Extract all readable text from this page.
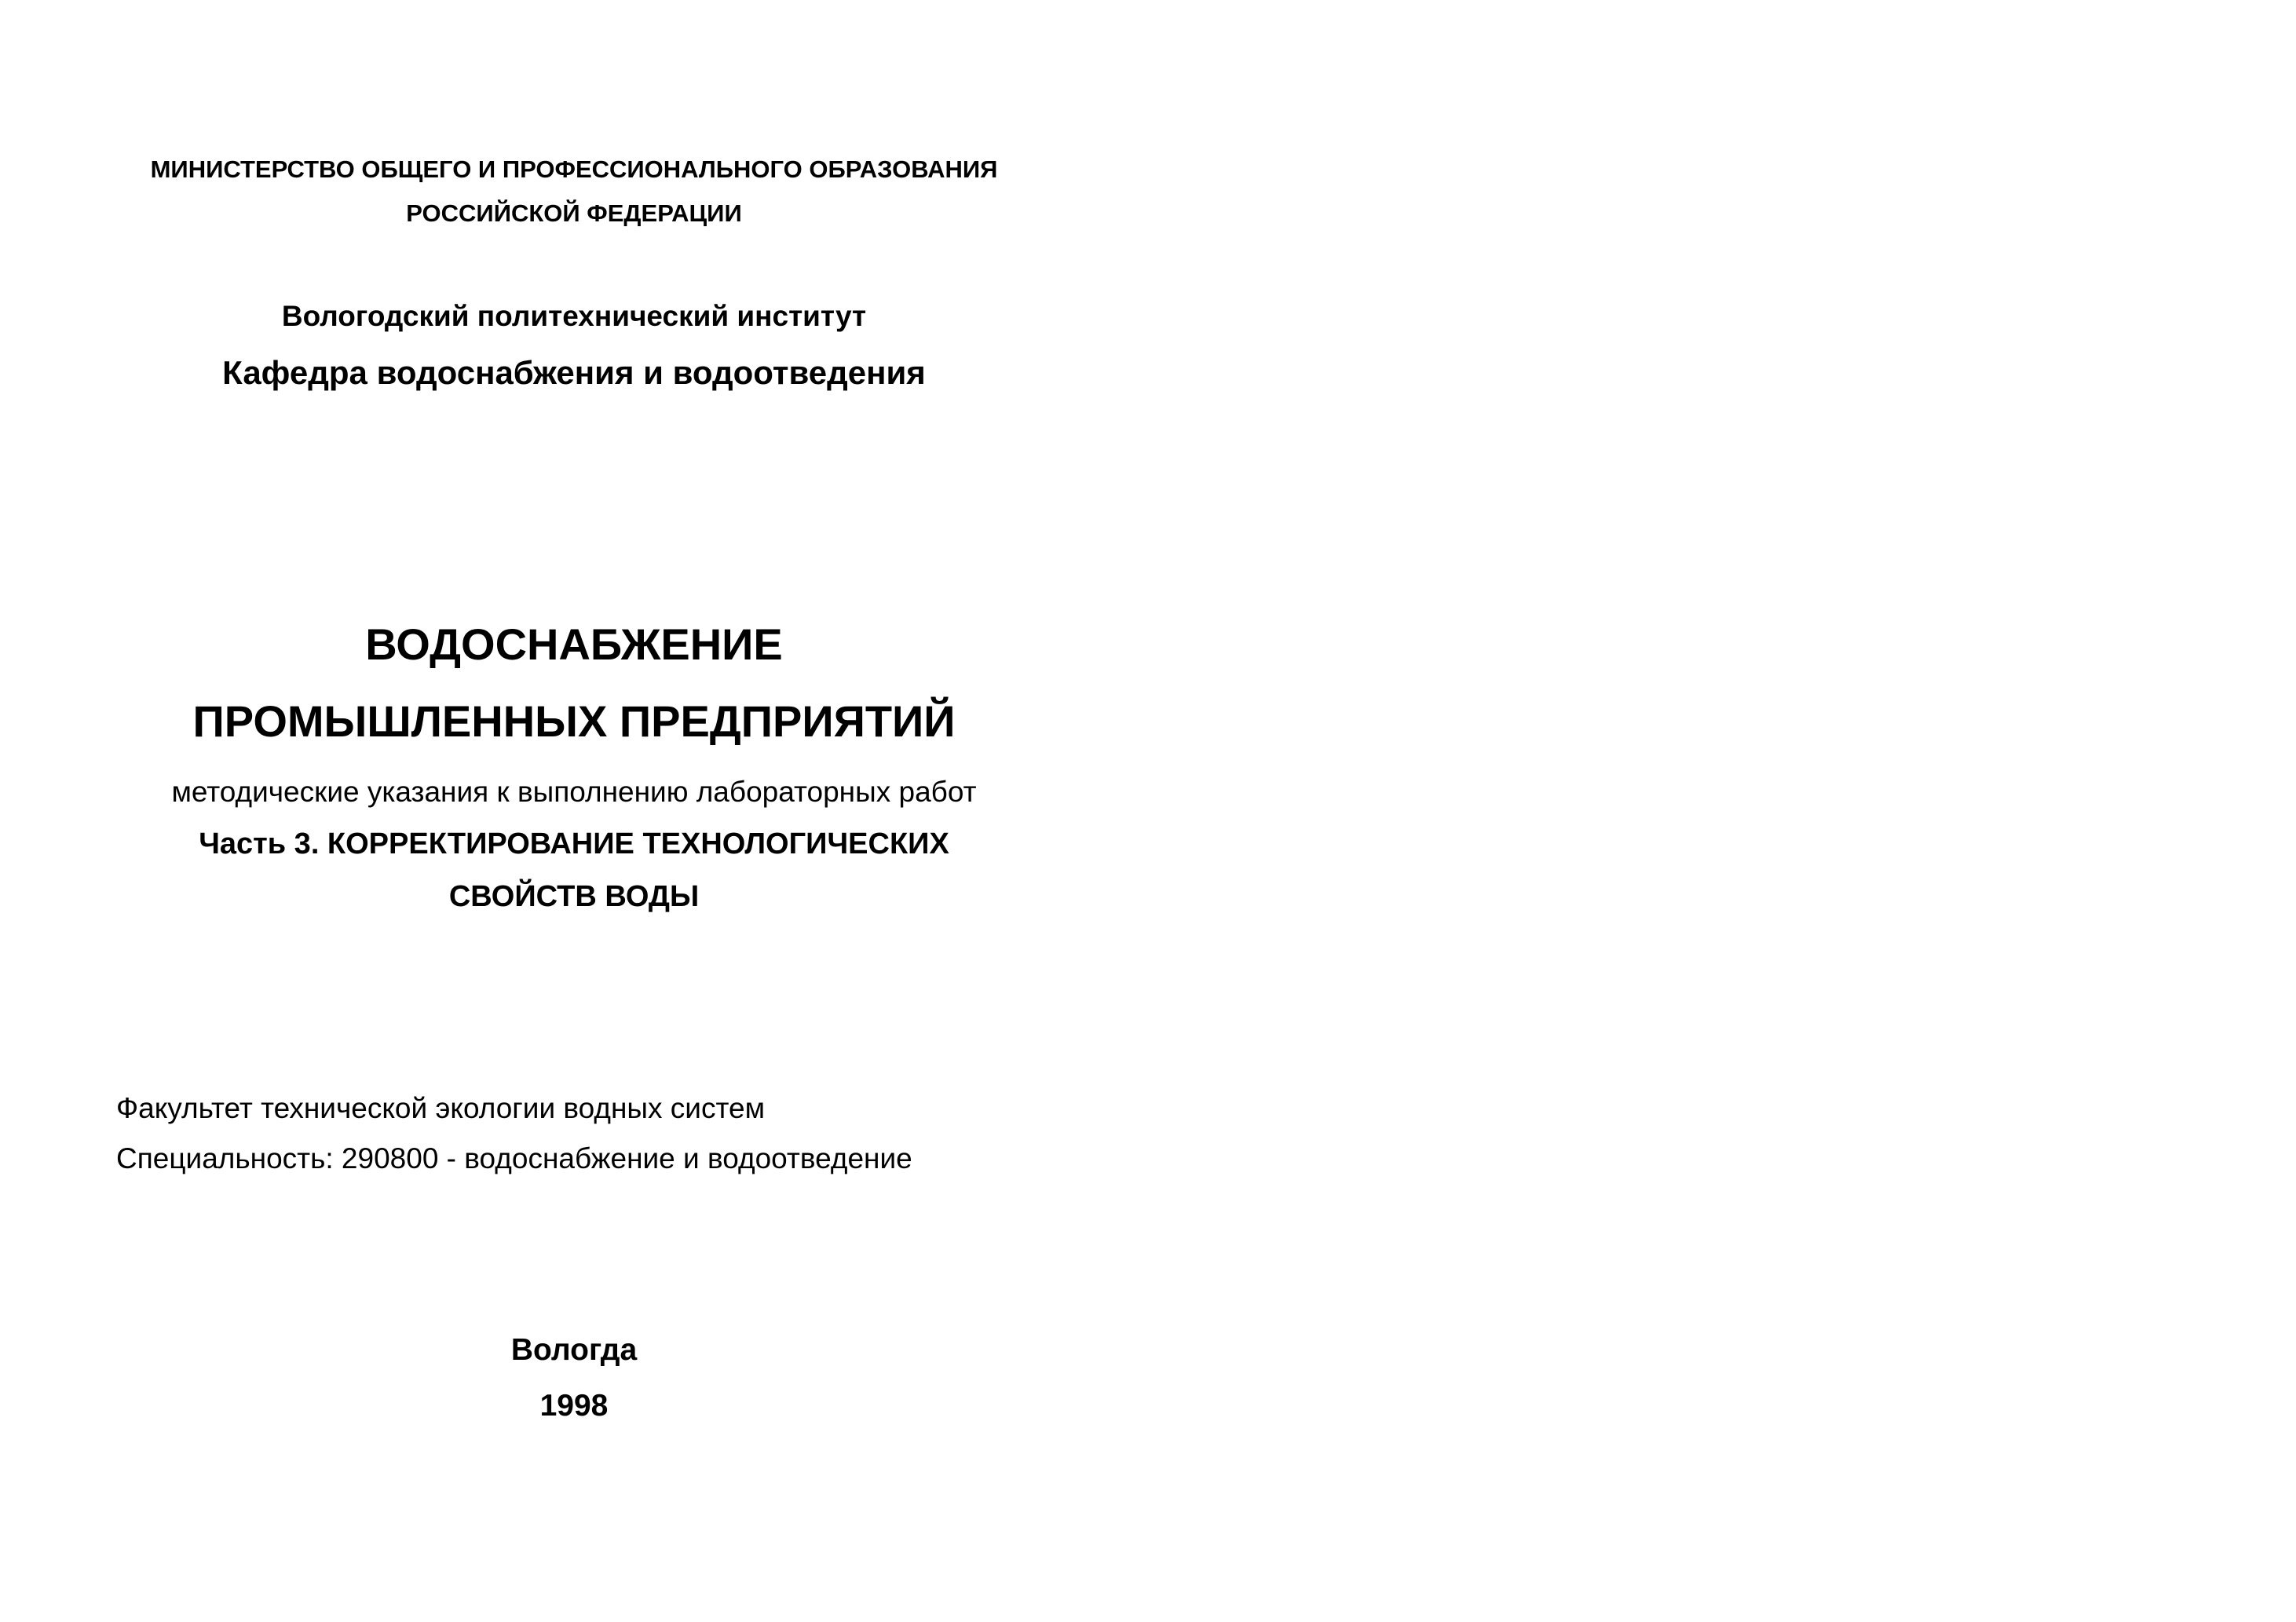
МИНИСТЕРСТВО ОБЩЕГО И ПРОФЕССИОНАЛЬНОГО ОБРАЗОВАНИЯ
РОССИЙСКОЙ ФЕДЕРАЦИИ
Вологодский политехнический институт
Кафедра водоснабжения и водоотведения
ВОДОСНАБЖЕНИЕ
ПРОМЫШЛЕННЫХ ПРЕДПРИЯТИЙ
методические указания к выполнению лабораторных работ
Часть 3. КОРРЕКТИРОВАНИЕ ТЕХНОЛОГИЧЕСКИХ
СВОЙСТВ ВОДЫ
Факультет технической экологии водных систем
Специальность: 290800 - водоснабжение и водоотведение
Вологда
1998
